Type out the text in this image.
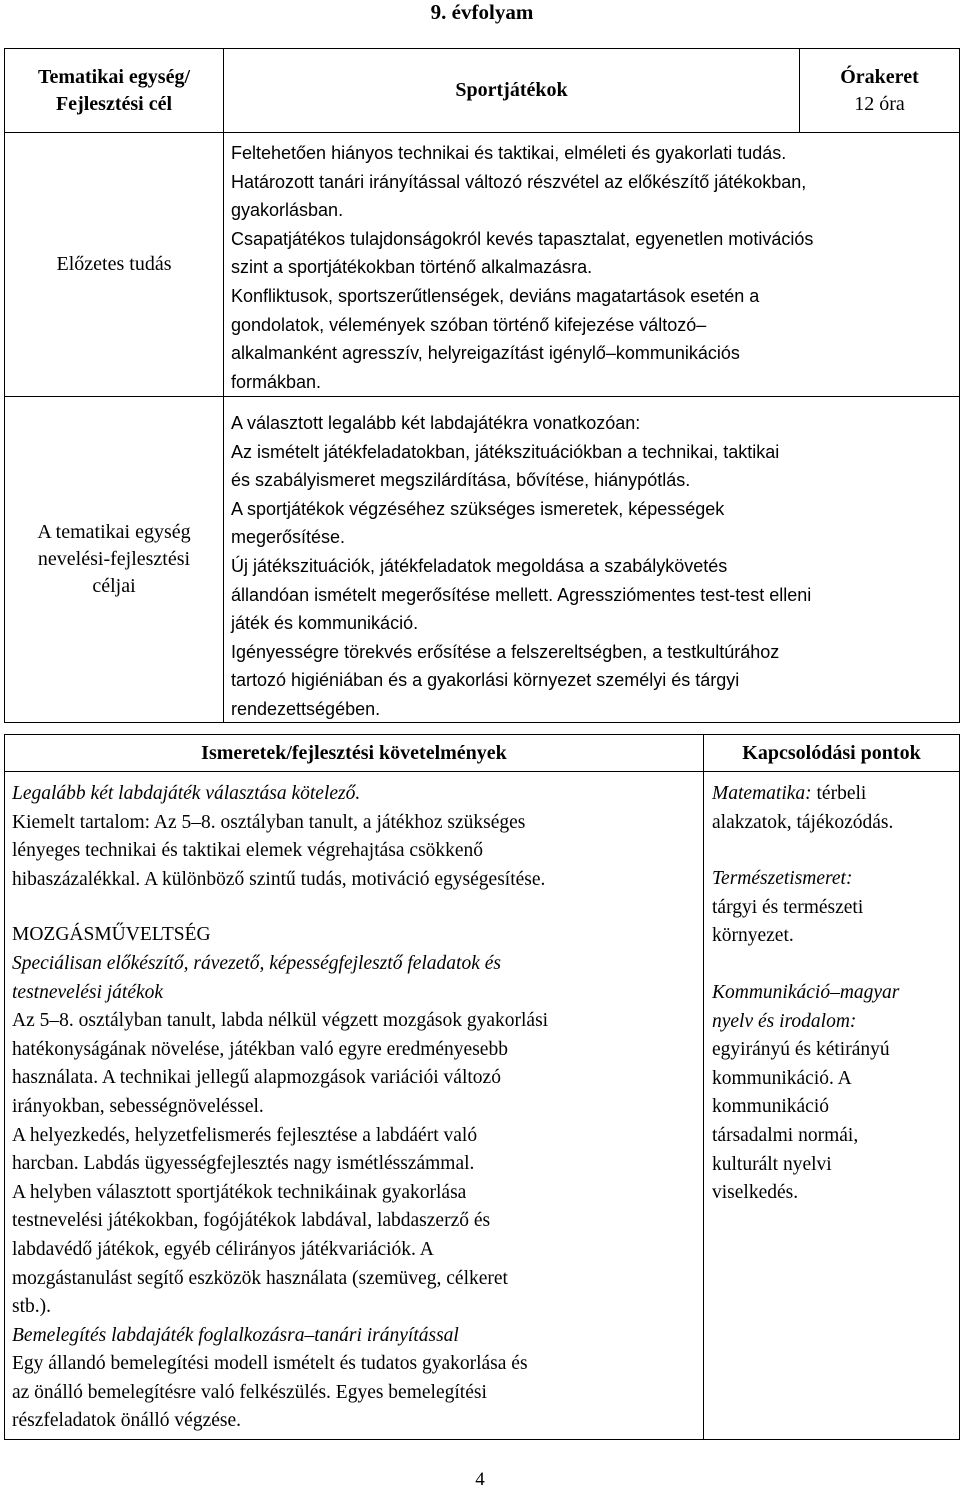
9. évfolyam
Tematikai egység/
Fejlesztési cél
Sportjátékok
Órakeret
12 óra
Előzetes tudás
Feltehetően hiányos technikai és taktikai, elméleti és gyakorlati tudás.
Határozott tanári irányítással változó részvétel az előkészítő játékokban,
gyakorlásban.
Csapatjátékos tulajdonságokról kevés tapasztalat, egyenetlen motivációs
szint a sportjátékokban történő alkalmazásra.
Konfliktusok, sportszerűtlenségek, deviáns magatartások esetén a
gondolatok, vélemények szóban történő kifejezése változó–
alkalmanként agresszív, helyreigazítást igénylő–kommunikációs
formákban.
A tematikai egység
nevelési-fejlesztési
céljai
A választott legalább két labdajátékra vonatkozóan:
Az ismételt játékfeladatokban, játékszituációkban a technikai, taktikai
és szabályismeret megszilárdítása, bővítése, hiánypótlás.
A sportjátékok végzéséhez szükséges ismeretek, képességek
megerősítése.
Új játékszituációk, játékfeladatok megoldása a szabálykövetés
állandóan ismételt megerősítése mellett. Agressziómentes test-test elleni
játék és kommunikáció.
Igényességre törekvés erősítése a felszereltségben, a testkultúrához
tartozó higiéniában és a gyakorlási környezet személyi és tárgyi
rendezettségében.
Ismeretek/fejlesztési követelmények	Kapcsolódási pontok
Legalább két labdajáték választása kötelező.
Kiemelt tartalom: Az 5–8. osztályban tanult, a játékhoz szükséges
lényeges technikai és taktikai elemek végrehajtása csökkenő
hibaszázalékkal. A különböző szintű tudás, motiváció egységesítése.
MOZGÁSMŰVELTSÉG
Speciálisan előkészítő, rávezető, képességfejlesztő feladatok és
testnevelési játékok
Az 5–8. osztályban tanult, labda nélkül végzett mozgások gyakorlási
hatékonyságának növelése, játékban való egyre eredményesebb
használata. A technikai jellegű alapmozgások variációi változó
irányokban, sebességnöveléssel.
A helyezkedés, helyzetfelismerés fejlesztése a labdáért való
harcban. Labdás ügyességfejlesztés nagy ismétlésszámmal.
A helyben választott sportjátékok technikáinak gyakorlása
testnevelési játékokban, fogójátékok labdával, labdaszerző és
labdavédő játékok, egyéb célirányos játékvariációk. A
mozgástanulást segítő eszközök használata (szemüveg, célkeret
stb.).
Bemelegítés labdajáték foglalkozásra–tanári irányítással
Egy állandó bemelegítési modell ismételt és tudatos gyakorlása és
az önálló bemelegítésre való felkészülés. Egyes bemelegítési
részfeladatok önálló végzése.
Matematika: térbeli
alakzatok, tájékozódás.
Természetismeret:
tárgyi és természeti
környezet.
Kommunikáció–magyar
nyelv és irodalom:
egyirányú és kétirányú
kommunikáció. A
kommunikáció
társadalmi normái,
kulturált nyelvi
viselkedés.
4
